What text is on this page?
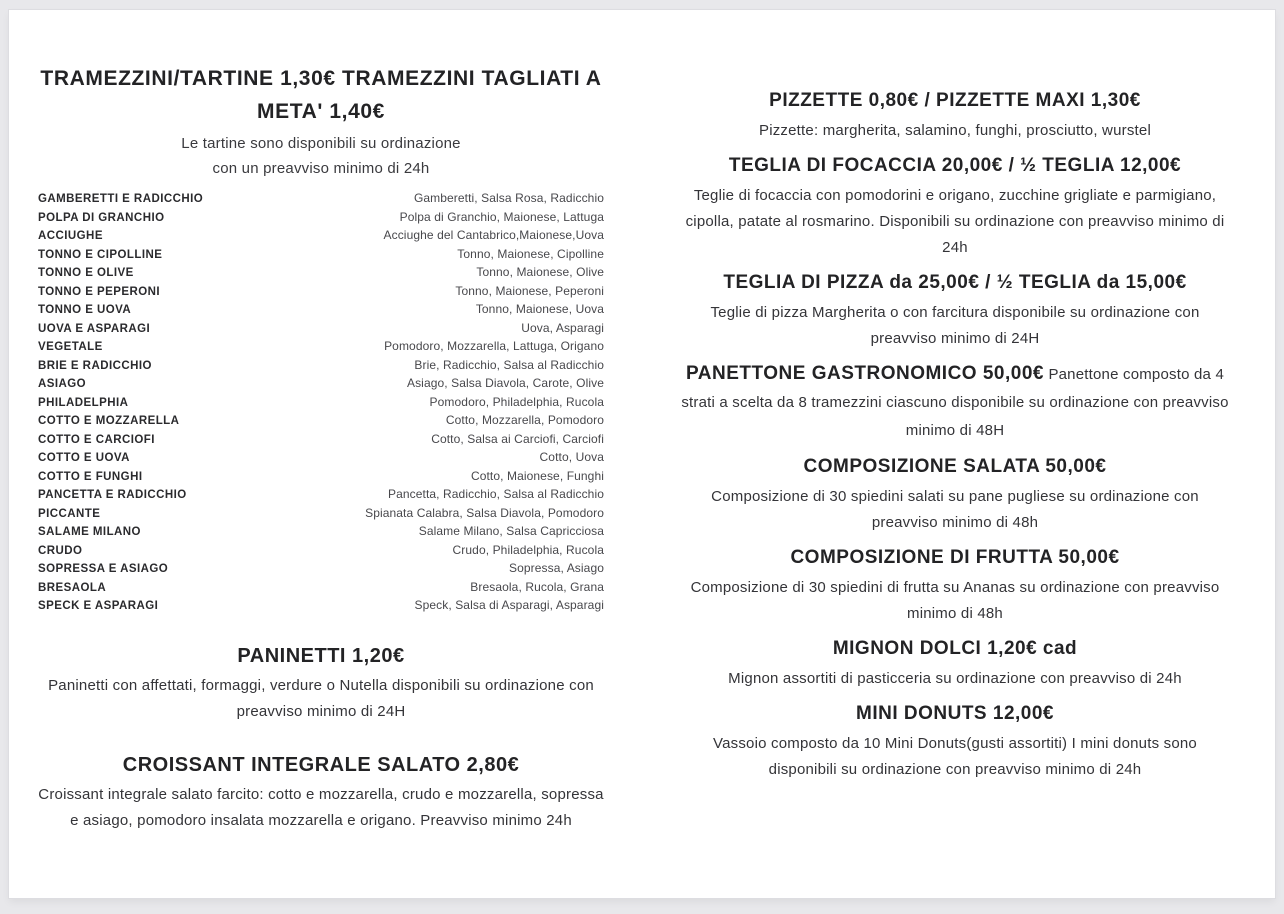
TRAMEZZINI/TARTINE 1,30€ TRAMEZZINI TAGLIATI A META' 1,40€
Le tartine sono disponibili su ordinazione
con un preavviso minimo di 24h
GAMBERETTI E RADICCHIO	Gamberetti, Salsa Rosa, Radicchio
POLPA DI GRANCHIO	Polpa di Granchio, Maionese, Lattuga
ACCIUGHE	Acciughe del Cantabrico,Maionese,Uova
TONNO E CIPOLLINE	Tonno, Maionese, Cipolline
TONNO E OLIVE	Tonno, Maionese, Olive
TONNO E PEPERONI	Tonno, Maionese, Peperoni
TONNO E UOVA	Tonno, Maionese, Uova
UOVA E ASPARAGI	Uova, Asparagi
VEGETALE	Pomodoro, Mozzarella, Lattuga, Origano
BRIE E RADICCHIO	Brie, Radicchio, Salsa al Radicchio
ASIAGO	Asiago, Salsa Diavola, Carote, Olive
PHILADELPHIA	Pomodoro, Philadelphia, Rucola
COTTO E MOZZARELLA	Cotto, Mozzarella, Pomodoro
COTTO E CARCIOFI	Cotto, Salsa ai Carciofi, Carciofi
COTTO E UOVA	Cotto, Uova
COTTO E FUNGHI	Cotto, Maionese, Funghi
PANCETTA E RADICCHIO	Pancetta, Radicchio, Salsa al Radicchio
PICCANTE	Spianata Calabra, Salsa Diavola, Pomodoro
SALAME MILANO	Salame Milano, Salsa Capricciosa
CRUDO	Crudo, Philadelphia, Rucola
SOPRESSA E ASIAGO	Sopressa, Asiago
BRESAOLA	Bresaola, Rucola, Grana
SPECK E ASPARAGI	Speck, Salsa di Asparagi, Asparagi
PANINETTI 1,20€
Paninetti con affettati, formaggi, verdure o Nutella disponibili su ordinazione con preavviso minimo di 24H
CROISSANT INTEGRALE SALATO 2,80€
Croissant integrale salato farcito: cotto e mozzarella, crudo e mozzarella, sopressa e asiago, pomodoro insalata mozzarella e origano. Preavviso minimo 24h
PIZZETTE 0,80€ / PIZZETTE MAXI 1,30€
Pizzette: margherita, salamino, funghi, prosciutto, wurstel
TEGLIA DI FOCACCIA 20,00€ / ½ TEGLIA 12,00€
Teglie di focaccia con pomodorini e origano, zucchine grigliate e parmigiano, cipolla, patate al rosmarino. Disponibili su ordinazione con preavviso minimo di 24h
TEGLIA DI PIZZA da 25,00€ / ½ TEGLIA da 15,00€
Teglie di pizza Margherita o con farcitura disponibile su ordinazione con preavviso minimo di 24H
PANETTONE GASTRONOMICO 50,00€ Panettone composto da 4 strati a scelta da 8 tramezzini ciascuno disponibile su ordinazione con preavviso minimo di 48H
COMPOSIZIONE SALATA 50,00€
Composizione di 30 spiedini salati su pane pugliese su ordinazione con preavviso minimo di 48h
COMPOSIZIONE DI FRUTTA 50,00€
Composizione di 30 spiedini di frutta su Ananas su ordinazione con preavviso minimo di 48h
MIGNON DOLCI 1,20€ cad
Mignon assortiti di pasticceria su ordinazione con preavviso di 24h
MINI DONUTS 12,00€
Vassoio composto da 10 Mini Donuts(gusti assortiti) I mini donuts sono disponibili su ordinazione con preavviso minimo di 24h
